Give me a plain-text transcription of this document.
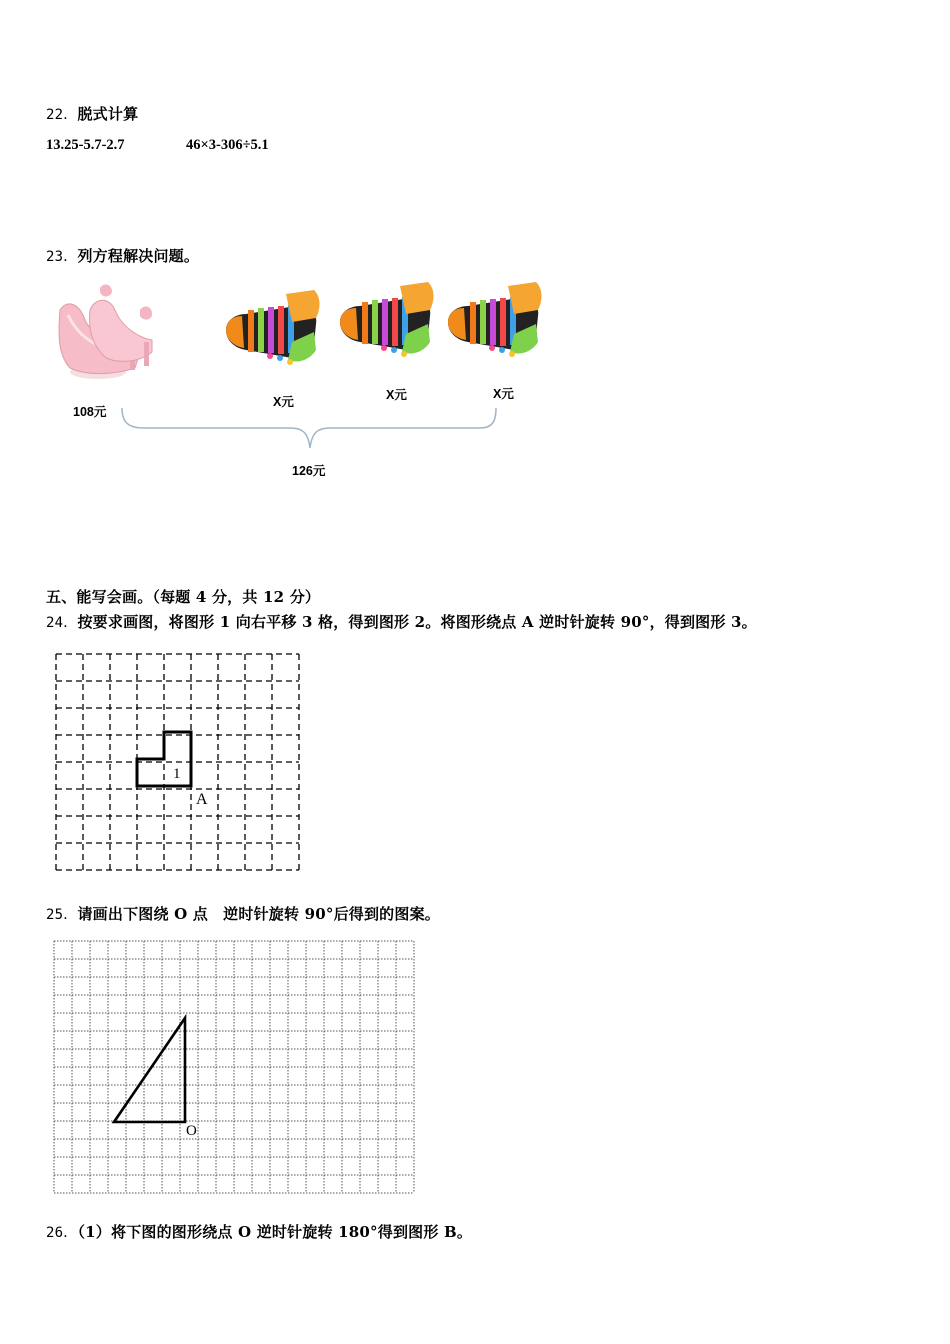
22．脱式计算
13.25-5.7-2.7	46×3-306÷5.1
23．列方程解决问题。
108元
X元	X元	X元
126元
五、能写会画。（每题 4 分，共 12 分）
24．按要求画图，将图形 1 向右平移 3 格，得到图形 2。将图形绕点 A 逆时针旋转 90°，得到图形 3。
1
A
25．请画出下图绕 O 点　逆时针旋转 90°后得到的图案。
O
26．（1）将下图的图形绕点 O 逆时针旋转 180°得到图形 B。
